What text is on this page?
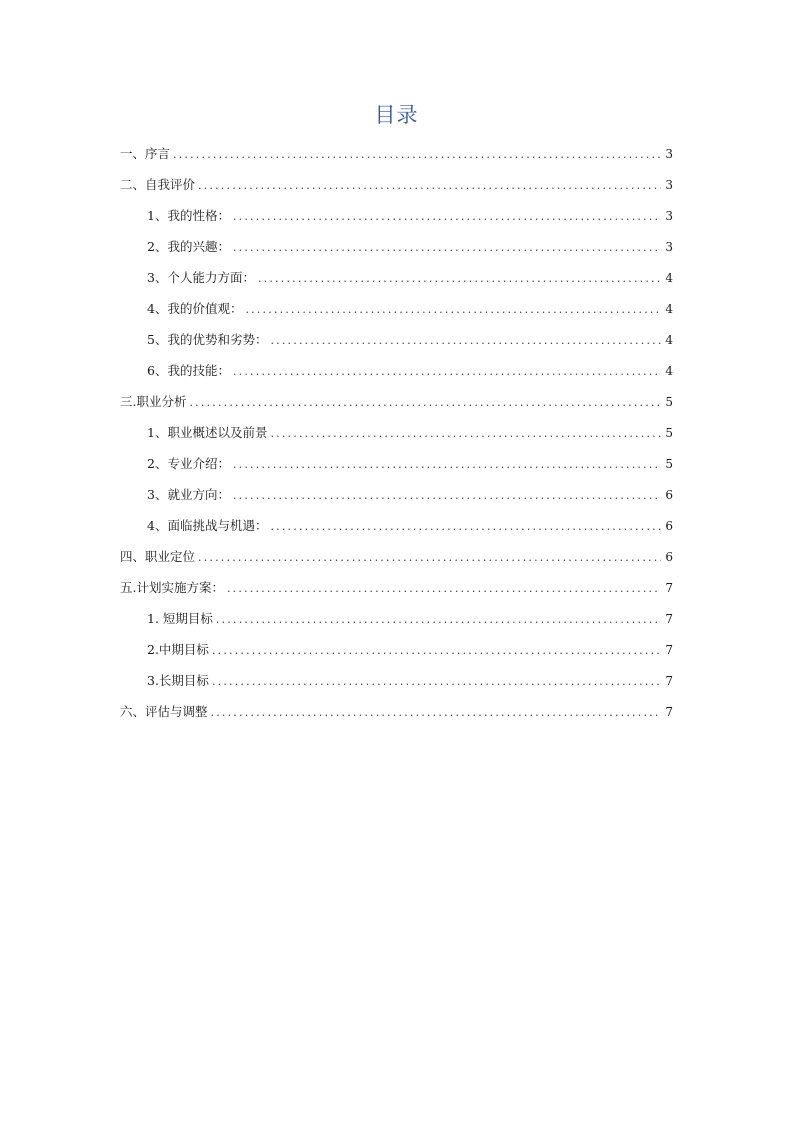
目录
一、序言 .....	3
二、自我评价 .....	3
1、我的性格： .....	3
2、我的兴趣： .....	3
3、个人能力方面： .....	4
4、我的价值观： .....	4
5、我的优势和劣势： .....	4
6、我的技能： .....	4
三.职业分析 .....	5
1、职业概述以及前景 .....	5
2、专业介绍： .....	5
3、就业方向： .....	6
4、面临挑战与机遇： .....	6
四、职业定位 .....	6
五.计划实施方案： .....	7
1. 短期目标 .....	7
2.中期目标 .....	7
3.长期目标 .....	7
六、评估与调整 .....	7
